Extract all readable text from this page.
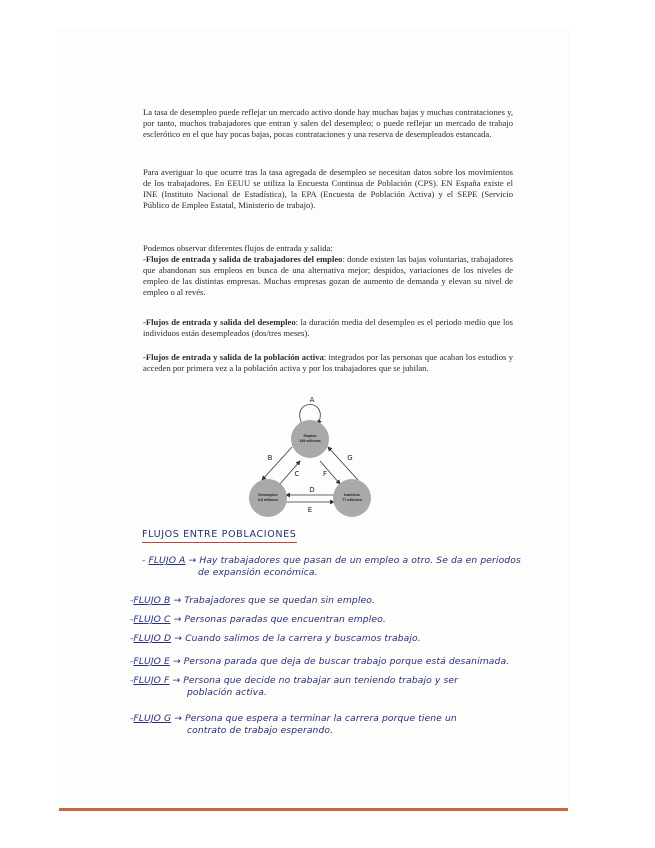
La tasa de desempleo puede reflejar un mercado activo donde hay muchas bajas y muchas contrataciones y, por tanto, muchos trabajadores que entran y salen del desempleo; o puede reflejar un mercado de trabajo esclerótico en el que hay pocas bajas, pocas contrataciones y una reserva de desempleados estancada.

Para averiguar lo que ocurre tras la tasa agregada de desempleo se necesitan datos sobre los movimientos de los trabajadores. En EEUU se utiliza la Encuesta Continua de Población (CPS). EN España existe el INE (Instituto Nacional de Estadística), la EPA (Encuesta de Población Activa) y el SEPE (Servicio Público de Empleo Estatal, Ministerio de trabajo).

Podemos observar diferentes flujos de entrada y salida:
-Flujos de entrada y salida de trabajadores del empleo: donde existen las bajas voluntarias, trabajadores que abandonan sus empleos en busca de una alternativa mejor; despidos, variaciones de los niveles de empleo de las distintas empresas. Muchas empresas gozan de aumento de demanda y elevan su nivel de empleo o al revés.

-Flujos de entrada y salida del desempleo: la duración media del desempleo es el periodo medio que los individuos están desempleados (dos/tres meses).

-Flujos de entrada y salida de la población activa: integrados por las personas que acaban los estudios y acceden por primera vez a la población activa y por los trabajadores que se jubilan.

A
B
C	F
G
D
E
Empleo
139 millones
Desempleo
8,8 millones
Inactivos
77 millones
FLUJOS ENTRE POBLACIONES
- FLUJO A → Hay trabajadores que pasan de un empleo a otro. Se da en periodos
de expansión económica.
-FLUJO B → Trabajadores que se quedan sin empleo.
-FLUJO C → Personas paradas que encuentran empleo.
-FLUJO D → Cuando salimos de la carrera y buscamos trabajo.
-FLUJO E → Persona parada que deja de buscar trabajo porque está desanimada.
-FLUJO F → Persona que decide no trabajar aun teniendo trabajo y ser
población activa.
-FLUJO G → Persona que espera a terminar la carrera porque tiene un
contrato de trabajo esperando.
